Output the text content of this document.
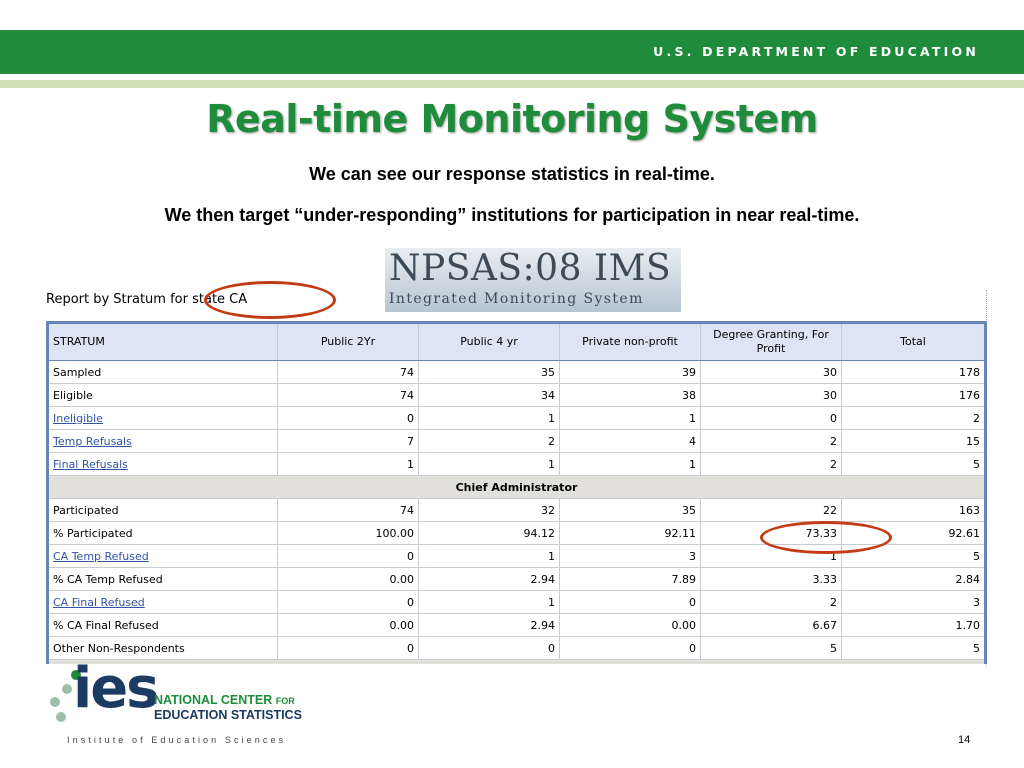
U.S. DEPARTMENT OF EDUCATION
Real-time Monitoring System
We can see our response statistics in real-time.
We then target “under-responding” institutions for participation in near real-time.
NPSAS:08 IMS
Integrated Monitoring System
Report by Stratum for state CA
STRATUM	Public 2Yr	Public 4 yr	Private non-profit	Degree Granting, For Profit	Total
Sampled	74	35	39	30	178
Eligible	74	34	38	30	176
Ineligible	0	1	1	0	2
Temp Refusals	7	2	4	2	15
Final Refusals	1	1	1	2	5
Chief Administrator					
Participated	74	32	35	22	163
% Participated	100.00	94.12	92.11	73.33	92.61
CA Temp Refused	0	1	3	1	5
% CA Temp Refused	0.00	2.94	7.89	3.33	2.84
CA Final Refused	0	1	0	2	3
% CA Final Refused	0.00	2.94	0.00	6.67	1.70
Other Non-Respondents	0	0	0	5	5

ies
NATIONAL CENTER FOR
EDUCATION STATISTICS
Institute of Education Sciences	14
